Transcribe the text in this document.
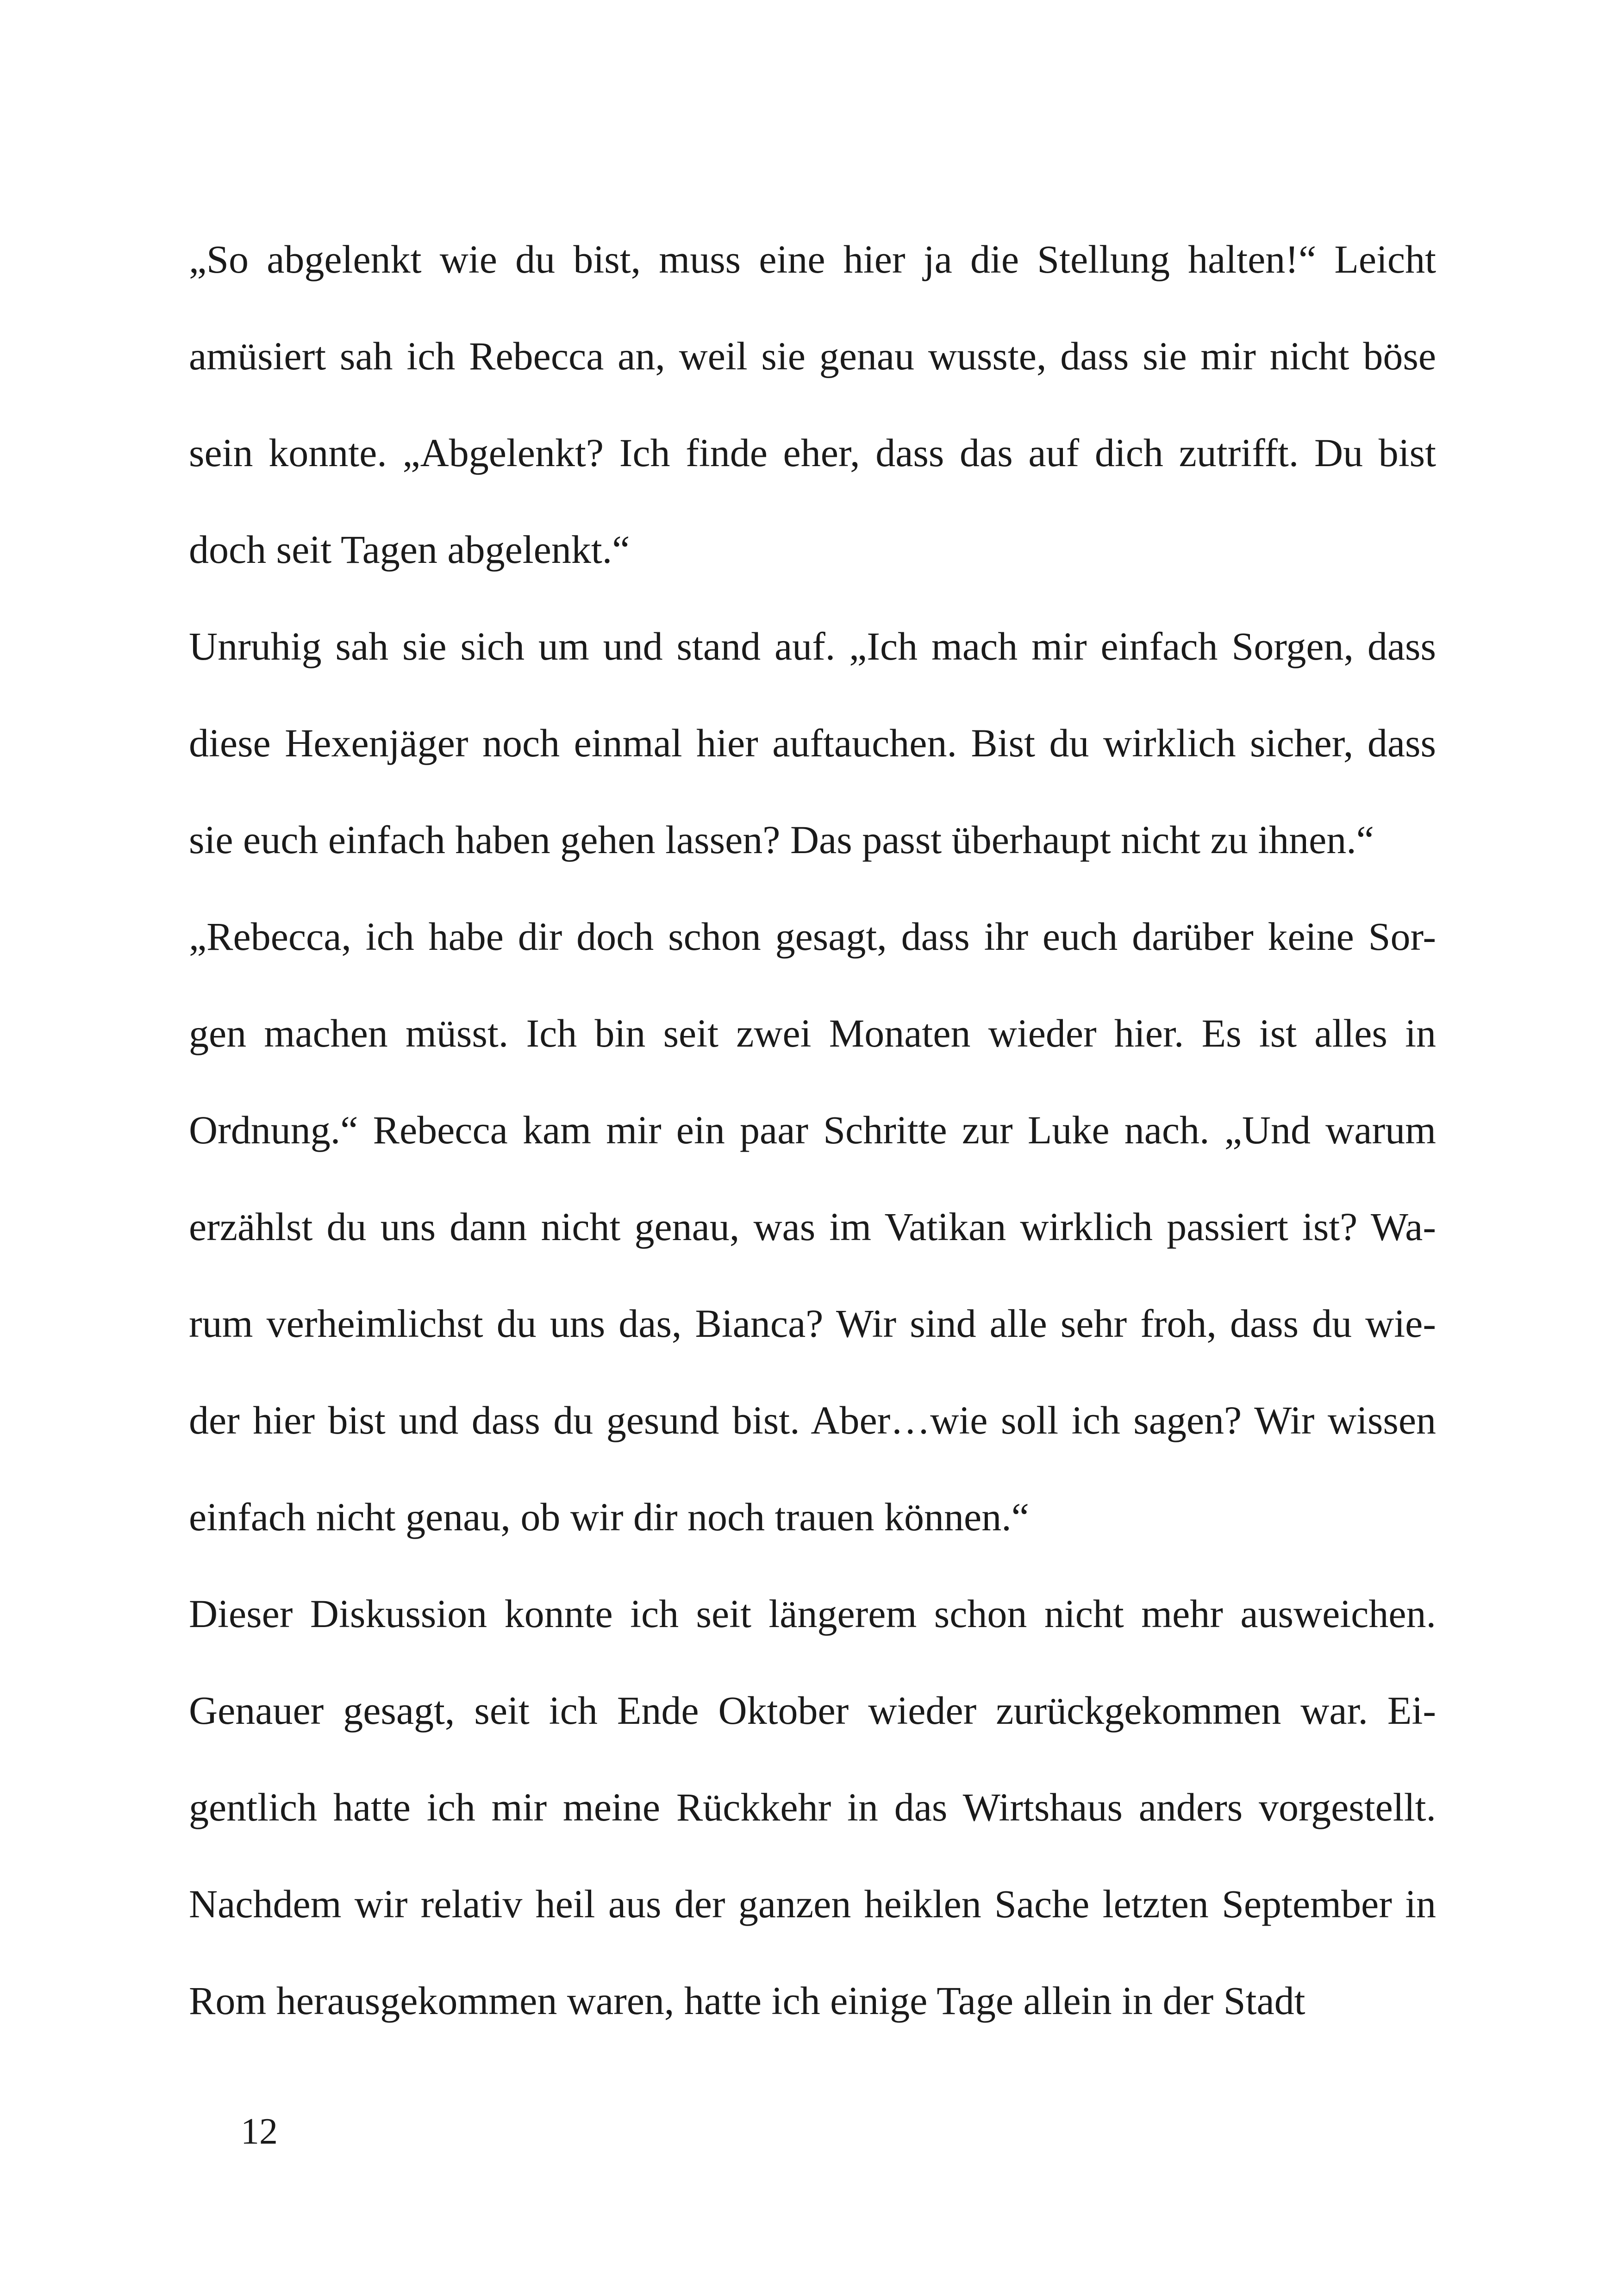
„So abgelenkt wie du bist, muss eine hier ja die Stellung halten!“ Leicht
amüsiert sah ich Rebecca an, weil sie genau wusste, dass sie mir nicht böse
sein konnte. „Abgelenkt? Ich finde eher, dass das auf dich zutrifft. Du bist
doch seit Tagen abgelenkt.“
Unruhig sah sie sich um und stand auf. „Ich mach mir einfach Sorgen, dass
diese Hexenjäger noch einmal hier auftauchen. Bist du wirklich sicher, dass
sie euch einfach haben gehen lassen? Das passt überhaupt nicht zu ihnen.“
„Rebecca, ich habe dir doch schon gesagt, dass ihr euch darüber keine Sor-
gen machen müsst. Ich bin seit zwei Monaten wieder hier. Es ist alles in
Ordnung.“ Rebecca kam mir ein paar Schritte zur Luke nach. „Und warum
erzählst du uns dann nicht genau, was im Vatikan wirklich passiert ist? Wa-
rum verheimlichst du uns das, Bianca? Wir sind alle sehr froh, dass du wie-
der hier bist und dass du gesund bist. Aber…wie soll ich sagen? Wir wissen
einfach nicht genau, ob wir dir noch trauen können.“
Dieser Diskussion konnte ich seit längerem schon nicht mehr ausweichen.
Genauer gesagt, seit ich Ende Oktober wieder zurückgekommen war. Ei-
gentlich hatte ich mir meine Rückkehr in das Wirtshaus anders vorgestellt.
Nachdem wir relativ heil aus der ganzen heiklen Sache letzten September in
Rom herausgekommen waren, hatte ich einige Tage allein in der Stadt
12
